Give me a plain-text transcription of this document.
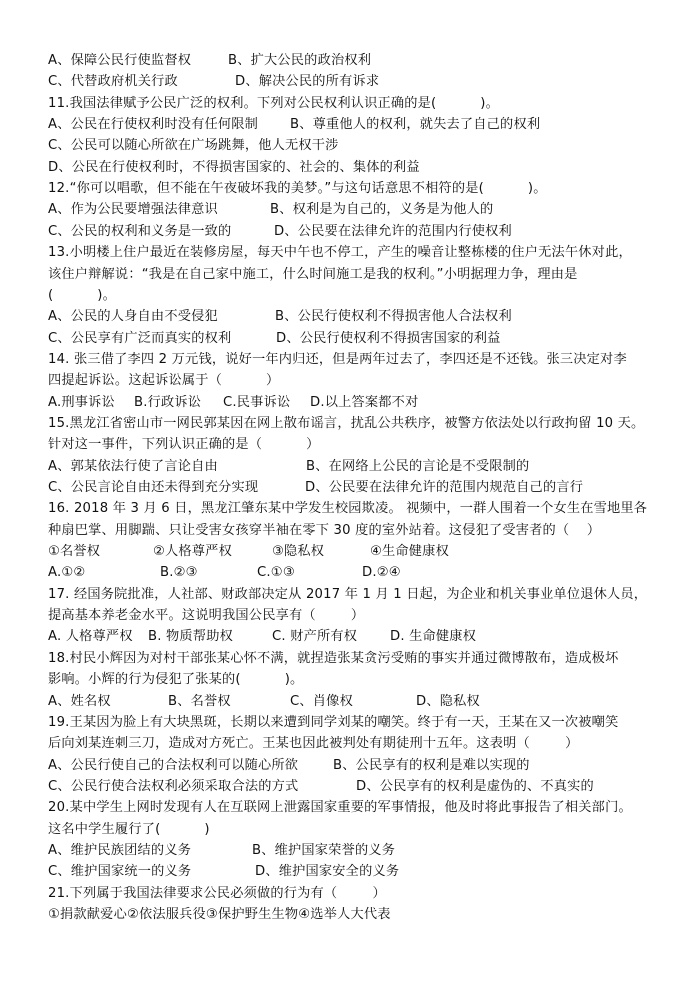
A、保障公民行使监督权	B、扩大公民的政治权利
C、代替政府机关行政	D、解决公民的所有诉求
11.我国法律赋予公民广泛的权利。下列对公民权利认识正确的是(          )。
A、公民在行使权利时没有任何限制 B、尊重他人的权利，就失去了自己的权利
C、公民可以随心所欲在广场跳舞，他人无权干涉
D、公民在行使权利时，不得损害国家的、社会的、集体的利益
12.“你可以唱歌，但不能在午夜破坏我的美梦。”与这句话意思不相符的是(          )。
A、作为公民要增强法律意识	B、权利是为自己的，义务是为他人的
C、公民的权利和义务是一致的	D、公民要在法律允许的范围内行使权利
13.小明楼上住户最近在装修房屋，每天中午也不停工，产生的噪音让整栋楼的住户无法午休对此，
该住户辩解说：“我是在自己家中施工，什么时间施工是我的权利。”小明据理力争，理由是
(          )。
A、公民的人身自由不受侵犯	B、公民行使权利不得损害他人合法权利
C、公民享有广泛而真实的权利	D、公民行使权利不得损害国家的利益
14. 张三借了李四 2 万元钱，说好一年内归还，但是两年过去了，李四还是不还钱。张三决定对李
四提起诉讼。这起诉讼属于（          ）
A.刑事诉讼 B.行政诉讼 C.民事诉讼 D.以上答案都不对
15.黑龙江省密山市一网民郭某因在网上散布谣言，扰乱公共秩序，被警方依法处以行政拘留 10 天。
针对这一事件，下列认识正确的是（          ）
A、郭某依法行使了言论自由	B、在网络上公民的言论是不受限制的
C、公民言论自由还未得到充分实现	D、公民要在法律允许的范围内规范自己的言行
16. 2018 年 3 月 6 日，黑龙江肇东某中学发生校园欺凌。 视频中，一群人围着一个女生在雪地里各
种扇巴掌、用脚踹、只让受害女孩穿半袖在零下 30 度的室外站着。这侵犯了受害者的（    ）
①名誉权	②人格尊严权	③隐私权	④生命健康权
A.①②	B.②③	C.①③	D.②④
17. 经国务院批准，人社部、财政部决定从 2017 年 1 月 1 日起，为企业和机关事业单位退休人员，
提高基本养老金水平。这说明我国公民享有（        ）
A. 人格尊严权 B. 物质帮助权	C. 财产所有权 D. 生命健康权
18.村民小辉因为对村干部张某心怀不满，就捏造张某贪污受贿的事实并通过微博散布，造成极坏
影响。小辉的行为侵犯了张某的(          )。
A、姓名权	B、名誉权	C、肖像权	D、隐私权
19.王某因为脸上有大块黑斑，长期以来遭到同学刘某的嘲笑。终于有一天，王某在又一次被嘲笑
后向刘某连刺三刀，造成对方死亡。王某也因此被判处有期徒刑十五年。这表明（        ）
A、公民行使自己的合法权利可以随心所欲	B、公民享有的权利是难以实现的
C、公民行使合法权利必须采取合法的方式	D、公民享有的权利是虚伪的、不真实的
20.某中学生上网时发现有人在互联网上泄露国家重要的军事情报，他及时将此事报告了相关部门。
这名中学生履行了(          )
A、维护民族团结的义务	B、维护国家荣誉的义务
C、维护国家统一的义务	D、维护国家安全的义务
21.下列属于我国法律要求公民必须做的行为有（        ）
①捐款献爱心②依法服兵役③保护野生生物④选举人大代表
